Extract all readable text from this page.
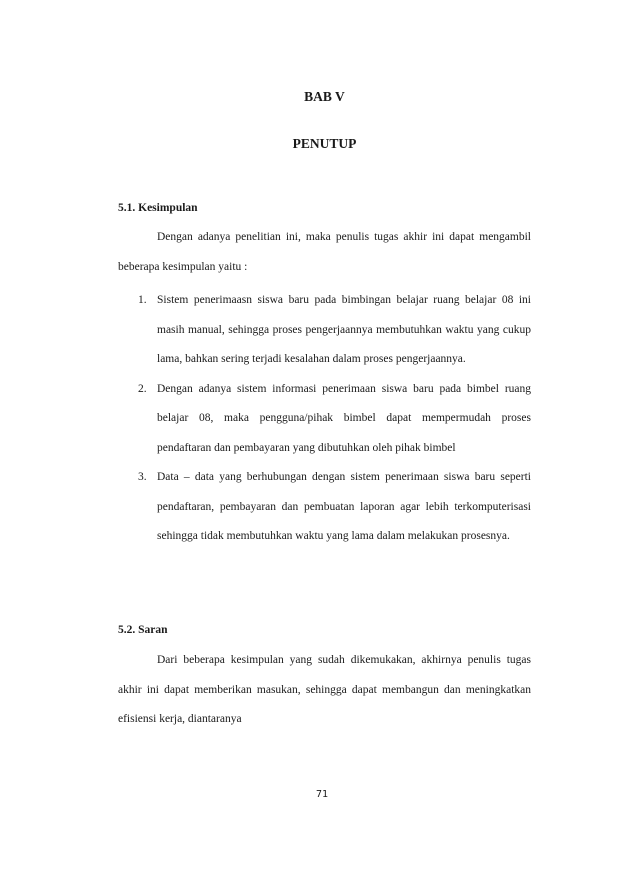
BAB V
PENUTUP
5.1. Kesimpulan

Dengan adanya penelitian ini, maka penulis tugas akhir ini dapat mengambil beberapa kesimpulan yaitu :

1. Sistem penerimaasn siswa baru pada bimbingan belajar ruang belajar 08 ini masih manual, sehingga proses pengerjaannya membutuhkan waktu yang cukup lama, bahkan sering terjadi kesalahan dalam proses pengerjaannya.
2. Dengan adanya sistem informasi penerimaan siswa baru pada bimbel ruang belajar 08, maka pengguna/pihak bimbel dapat mempermudah proses pendaftaran dan pembayaran yang dibutuhkan oleh pihak bimbel
3. Data – data yang berhubungan dengan sistem penerimaan siswa baru seperti pendaftaran, pembayaran dan pembuatan laporan agar lebih terkomputerisasi sehingga tidak membutuhkan waktu yang lama dalam melakukan prosesnya.
5.2. Saran

Dari beberapa kesimpulan yang sudah dikemukakan, akhirnya penulis tugas akhir ini dapat memberikan masukan, sehingga dapat membangun dan meningkatkan efisiensi kerja, diantaranya

71
